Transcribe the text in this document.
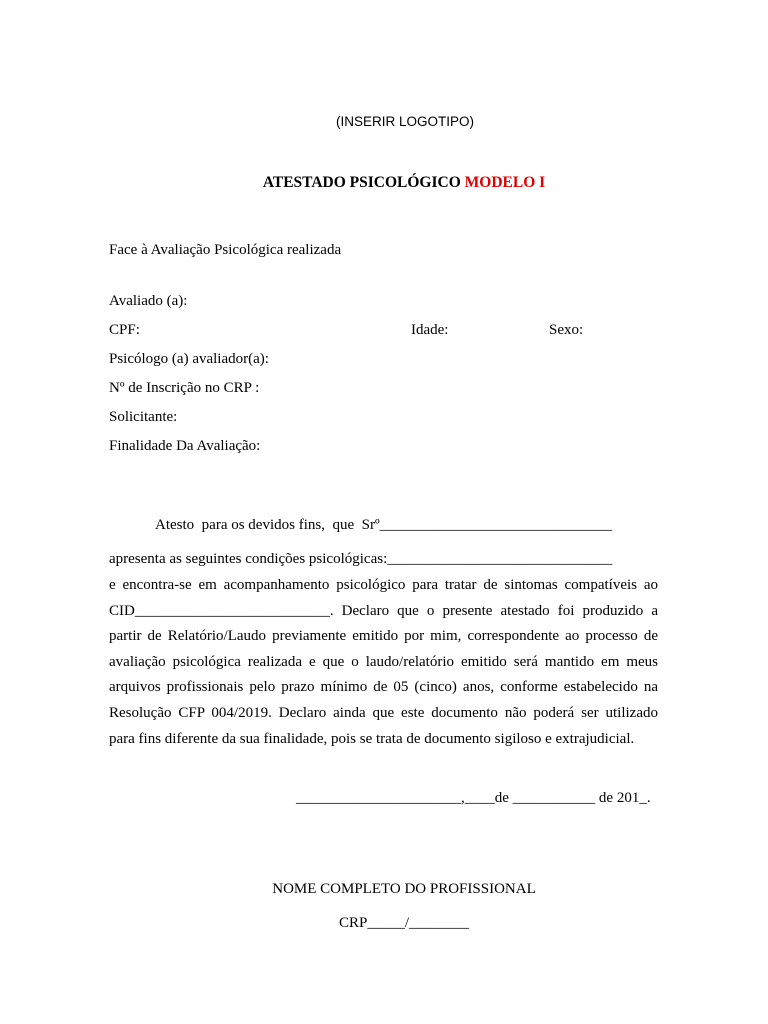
(INSERIR LOGOTIPO)
ATESTADO PSICOLÓGICO MODELO I
Face à Avaliação Psicológica realizada
Avaliado (a):
CPF:	Idade:	Sexo:
Psicólogo (a) avaliador(a):
Nº de Inscrição no CRP :
Solicitante:
Finalidade Da Avaliação:
Atesto  para os devidos fins,  que  Srº_______________________________
apresenta as seguintes condições psicológicas:______________________________
e encontra-se em acompanhamento psicológico para tratar de sintomas compatíveis ao
CID__________________________. Declaro que o presente atestado foi produzido a
partir de Relatório/Laudo previamente emitido por mim, correspondente ao processo de
avaliação psicológica realizada e que o laudo/relatório emitido será mantido em meus
arquivos profissionais pelo prazo mínimo de 05 (cinco) anos, conforme estabelecido na
Resolução CFP 004/2019. Declaro ainda que este documento não poderá ser utilizado
para fins diferente da sua finalidade, pois se trata de documento sigiloso e extrajudicial.
______________________,____de ___________ de 201_.
NOME COMPLETO DO PROFISSIONAL
CRP_____/________
